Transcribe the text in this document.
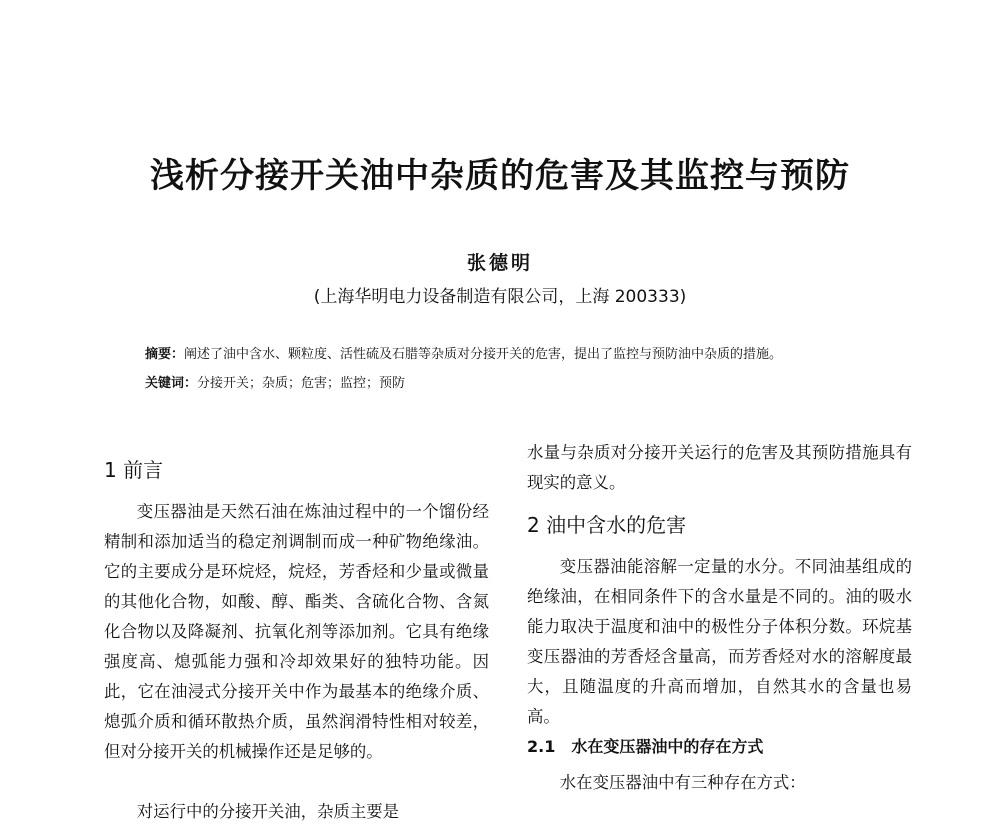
浅析分接开关油中杂质的危害及其监控与预防
张德明
(上海华明电力设备制造有限公司，上海 200333)
摘要：阐述了油中含水、颗粒度、活性硫及石腊等杂质对分接开关的危害，提出了监控与预防油中杂质的措施。
关键词：分接开关；杂质；危害；监控；预防
1 前言

变压器油是天然石油在炼油过程中的一个馏份经精制和添加适当的稳定剂调制而成一种矿物绝缘油。它的主要成分是环烷烃，烷烃，芳香烃和少量或微量的其他化合物，如酸、醇、酯类、含硫化合物、含氮化合物以及降凝剂、抗氧化剂等添加剂。它具有绝缘强度高、熄弧能力强和冷却效果好的独特功能。因此，它在油浸式分接开关中作为最基本的绝缘介质、熄弧介质和循环散热介质，虽然润滑特性相对较差，但对分接开关的机械操作还是足够的。

对运行中的分接开关油，杂质主要是

水量与杂质对分接开关运行的危害及其预防措施具有现实的意义。

2 油中含水的危害

变压器油能溶解一定量的水分。不同油基组成的绝缘油，在相同条件下的含水量是不同的。油的吸水能力取决于温度和油中的极性分子体积分数。环烷基变压器油的芳香烃含量高，而芳香烃对水的溶解度最大，且随温度的升高而增加，自然其水的含量也易高。

2.1　水在变压器油中的存在方式
水在变压器油中有三种存在方式：
